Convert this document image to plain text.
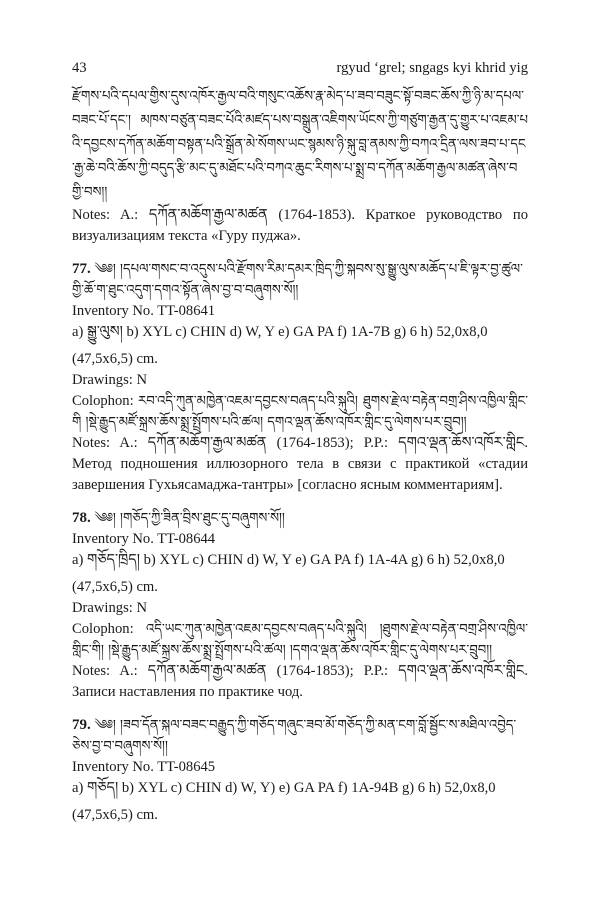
43	rgyud ‘grel; sngags kyi khrid yig

རྫོགས་པའི་དཔལ་གྱིས་དུས་འཁོར་རྒྱལ་བའི་གསུང་འཆོས་རྣ་མེད་པ་ཟབ་བཟུང་སྟོ་བཟང་ཆོས་ཀྱི་ཉི་མ་དཔལ་བཟང་པོ་དང་། མཁས་བཙུན་བཟང་པོའི་མཛད་པས་བསྒྲུན་འཇིགས་ཡོངས་ཀྱི་གཙུག་རྒྱན་དུ་གྱུར་པ་འཇམ་པའི་དབྱངས་དཀོན་མཆོག་བསྟན་པའི་སྒྲོན་མེ་སོགས་ཡང་སྙམས་ཉི་སྐུ་བླ་ནམས་ཀྱི་བཀའ་དྲིན་ལས་ཟབ་པ་དང་རྒྱ་ཆེ་བའི་ཆོས་ཀྱི་བདུད་རྩི་མང་དུ་མཐོང་པའི་བཀའ་ཆུང་རིགས་པ་སྨྲ་བ་དཀོན་མཆོག་རྒྱལ་མཚན་ཞེས་བགྱི་བས།།

Notes: A.: དཀོན་མཆོག་རྒྱལ་མཚན (1764-1853). Краткое руководство по визуализациям текста «Гуру пуджа».

77. ༄༅། །དཔལ་གསང་བ་འདུས་པའི་རྫོགས་རིམ་དམར་ཁྲིད་ཀྱི་སྐབས་སུ་སྒྱུ་ལུས་མཆོད་པ་ཇི་ལྟར་བྱ་ཚུལ་གྱི་ཆོ་ག་ཐུང་འདུག་དགའ་སྟོན་ཞེས་བྱ་བ་བཞུགས་སོ།།

Inventory No. TT-08641

a) སྒྱུ་ལུས། b) XYL c) CHIN d) W, Y e) GA PA f) 1A-7B g) 6 h) 52,0x8,0

(47,5x6,5) cm.

Drawings: N

Colophon: རབ་འདི་ཀུན་མཁྱེན་འཇམ་དབྱངས་བཞད་པའི་སྐུའི། ཐུགས་རྗེ་ལ་བརྟེན་བགྲ་ཤིས་འཁྱིལ་གླིང་གི །སྡེ་རྒྱུད་མཛོ་སྐྲས་ཆོས་སྨྲ་སྤྲོགས་པའི་ཚལ། དགའ་ལྡན་ཆོས་འཁོར་གླིང་དུ་ལེགས་པར་བྲུབ།།

Notes: A.: དཀོན་མཆོག་རྒྱལ་མཚན (1764-1853); P.P.: དགའ་ལྡན་ཆོས་འཁོར་གླིང. Метод подношения иллюзорного тела в связи с практикой «стадии завершения Гухьясамаджа-тантры» [согласно ясным комментариям].

78. ༄༅། །གཅོད་ཀྱི་ཟིན་བྲིས་ཐུང་དུ་བཞུགས་སོ།།

Inventory No. TT-08644

a) གཅོད་ཁྲིད། b) XYL c) CHIN d) W, Y e) GA PA f) 1A-4A g) 6 h) 52,0x8,0

(47,5x6,5) cm.

Drawings: N

Colophon: འདི་ཡང་ཀུན་མཁྱེན་འཇམ་དབྱངས་བཞད་པའི་སྐུའི། །ཐུགས་རྗེ་ལ་བརྟེན་བགྲ་ཤིས་འཁྱིལ་གླིང་གི། །སྡེ་རྒྱུད་མཛོ་སྐྲས་ཆོས་སྨྲ་སྤྲོགས་པའི་ཚལ། །དགའ་ལྡན་ཆོས་འཁོར་གླིང་དུ་ལེགས་པར་བྲུབ།།

Notes: A.: དཀོན་མཆོག་རྒྱལ་མཚན (1764-1853); P.P.: དགའ་ལྡན་ཆོས་འཁོར་གླིང. Записи наставления по практике чод.

79. ༄༅། །ཟབ་དོན་སྐལ་བཟང་བརྒྱུད་ཀྱི་གཅོད་གཞུང་ཟབ་མོ་གཅོད་ཀྱི་མན་ངག་བློ་སྦྱོང་ས་མཐིལ་འབྱེད་ཅེས་བྱ་བ་བཞུགས་སོ།།

Inventory No. TT-08645

a) གཅོད། b) XYL c) CHIN d) W, Y) e) GA PA f) 1A-94B g) 6 h) 52,0x8,0

(47,5x6,5) cm.
